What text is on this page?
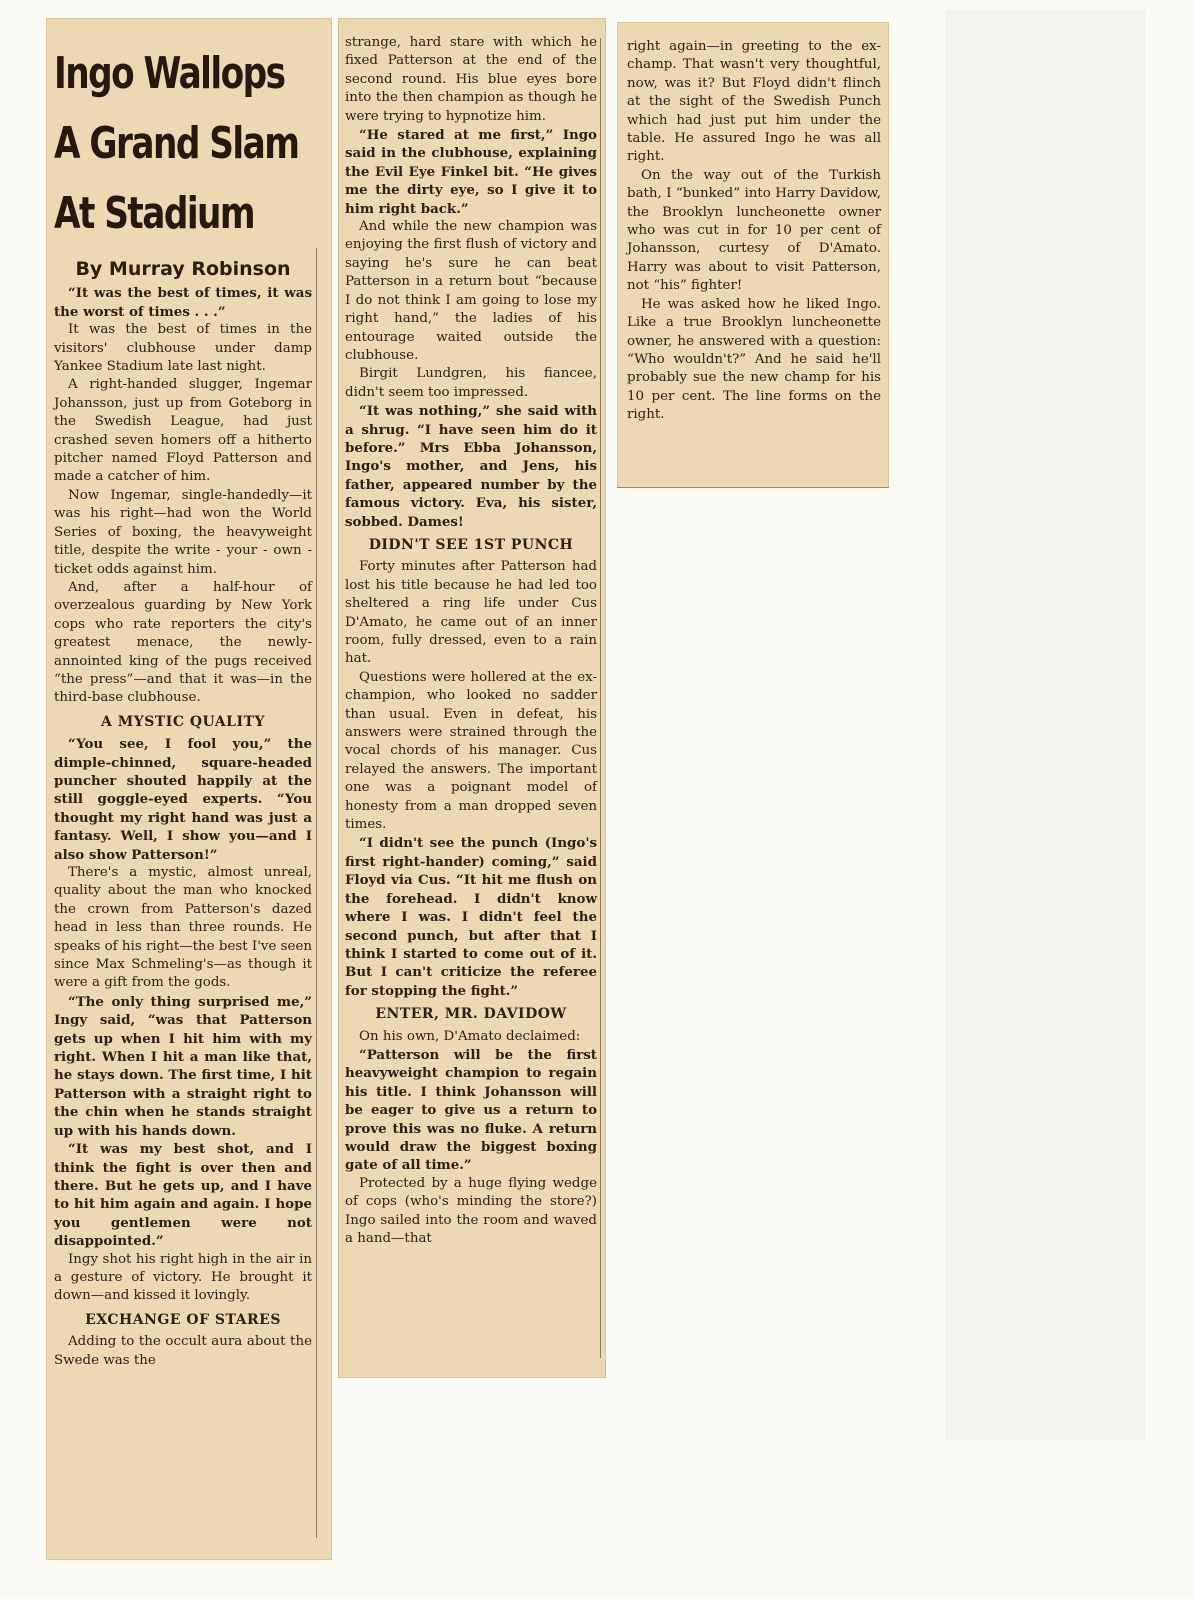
Ingo Wallops
A Grand Slam
At Stadium
By Murray Robinson

“It was the best of times, it was the worst of times . . .”

It was the best of times in the visitors' clubhouse under damp Yankee Stadium late last night.

A right-handed slugger, Ingemar Johansson, just up from Goteborg in the Swedish League, had just crashed seven homers off a hitherto pitcher named Floyd Patterson and made a catcher of him.

Now Ingemar, single-handedly—it was his right—had won the World Series of boxing, the heavyweight title, despite the write - your - own - ticket odds against him.

And, after a half-hour of overzealous guarding by New York cops who rate reporters the city's greatest menace, the newly-annointed king of the pugs received “the press”—and that it was—in the third-base clubhouse.

A MYSTIC QUALITY

“You see, I fool you,” the dimple-chinned, square-headed puncher shouted happily at the still goggle-eyed experts. “You thought my right hand was just a fantasy. Well, I show you—and I also show Patterson!”

There's a mystic, almost unreal, quality about the man who knocked the crown from Patterson's dazed head in less than three rounds. He speaks of his right—the best I've seen since Max Schmeling's—as though it were a gift from the gods.

“The only thing surprised me,” Ingy said, “was that Patterson gets up when I hit him with my right. When I hit a man like that, he stays down. The first time, I hit Patterson with a straight right to the chin when he stands straight up with his hands down.

“It was my best shot, and I think the fight is over then and there. But he gets up, and I have to hit him again and again. I hope you gentlemen were not disappointed.”

Ingy shot his right high in the air in a gesture of victory. He brought it down—and kissed it lovingly.

EXCHANGE OF STARES

Adding to the occult aura about the Swede was the

strange, hard stare with which he fixed Patterson at the end of the second round. His blue eyes bore into the then champion as though he were trying to hypnotize him.

“He stared at me first,” Ingo said in the clubhouse, explaining the Evil Eye Finkel bit. “He gives me the dirty eye, so I give it to him right back.”

And while the new champion was enjoying the first flush of victory and saying he's sure he can beat Patterson in a return bout “because I do not think I am going to lose my right hand,” the ladies of his entourage waited outside the clubhouse.

Birgit Lundgren, his fiancee, didn't seem too impressed.

“It was nothing,” she said with a shrug. “I have seen him do it before.” Mrs Ebba Johansson, Ingo's mother, and Jens, his father, appeared number by the famous victory. Eva, his sister, sobbed. Dames!

DIDN'T SEE 1ST PUNCH

Forty minutes after Patterson had lost his title because he had led too sheltered a ring life under Cus D'Amato, he came out of an inner room, fully dressed, even to a rain hat.

Questions were hollered at the ex-champion, who looked no sadder than usual. Even in defeat, his answers were strained through the vocal chords of his manager. Cus relayed the answers. The important one was a poignant model of honesty from a man dropped seven times.

“I didn't see the punch (Ingo's first right-hander) coming,” said Floyd via Cus. “It hit me flush on the forehead. I didn't know where I was. I didn't feel the second punch, but after that I think I started to come out of it. But I can't criticize the referee for stopping the fight.”

ENTER, MR. DAVIDOW

On his own, D'Amato declaimed:

“Patterson will be the first heavyweight champion to regain his title. I think Johansson will be eager to give us a return to prove this was no fluke. A return would draw the biggest boxing gate of all time.”

Protected by a huge flying wedge of cops (who's minding the store?) Ingo sailed into the room and waved a hand—that

right again—in greeting to the ex-champ. That wasn't very thoughtful, now, was it? But Floyd didn't flinch at the sight of the Swedish Punch which had just put him under the table. He assured Ingo he was all right.

On the way out of the Turkish bath, I “bunked” into Harry Davidow, the Brooklyn luncheonette owner who was cut in for 10 per cent of Johansson, curtesy of D'Amato. Harry was about to visit Patterson, not “his” fighter!

He was asked how he liked Ingo. Like a true Brooklyn luncheonette owner, he answered with a question: “Who wouldn't?” And he said he'll probably sue the new champ for his 10 per cent. The line forms on the right.
